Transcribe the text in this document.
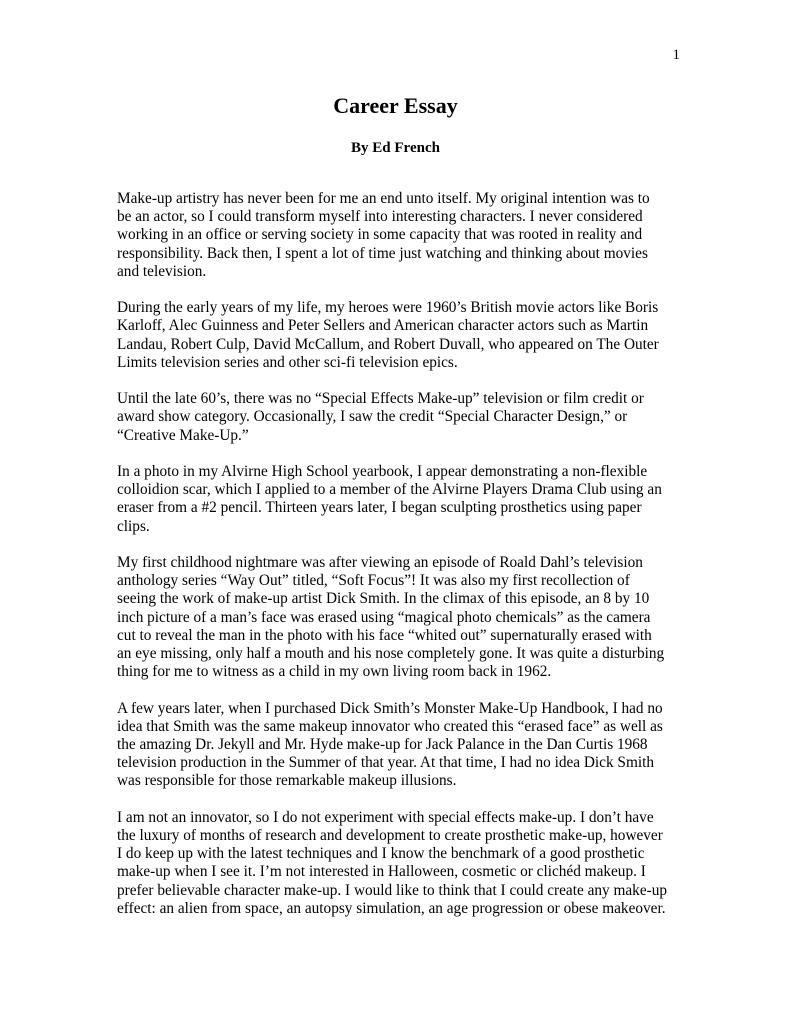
1
Career Essay
By Ed French

Make-up artistry has never been for me an end unto itself. My original intention was to
be an actor, so I could transform myself into interesting characters. I never considered
working in an office or serving society in some capacity that was rooted in reality and
responsibility. Back then, I spent a lot of time just watching and thinking about movies
and television.

During the early years of my life, my heroes were 1960’s British movie actors like Boris
Karloff, Alec Guinness and Peter Sellers and American character actors such as Martin
Landau, Robert Culp, David McCallum, and Robert Duvall, who appeared on The Outer
Limits television series and other sci-fi television epics.

Until the late 60’s, there was no “Special Effects Make-up” television or film credit or
award show category. Occasionally, I saw the credit “Special Character Design,” or
“Creative Make-Up.”

In a photo in my Alvirne High School yearbook, I appear demonstrating a non-flexible
colloidion scar, which I applied to a member of the Alvirne Players Drama Club using an
eraser from a #2 pencil. Thirteen years later, I began sculpting prosthetics using paper
clips.

My first childhood nightmare was after viewing an episode of Roald Dahl’s television
anthology series “Way Out” titled, “Soft Focus”! It was also my first recollection of
seeing the work of make-up artist Dick Smith. In the climax of this episode, an 8 by 10
inch picture of a man’s face was erased using “magical photo chemicals” as the camera
cut to reveal the man in the photo with his face “whited out” supernaturally erased with
an eye missing, only half a mouth and his nose completely gone. It was quite a disturbing
thing for me to witness as a child in my own living room back in 1962.

A few years later, when I purchased Dick Smith’s Monster Make-Up Handbook, I had no
idea that Smith was the same makeup innovator who created this “erased face” as well as
the amazing Dr. Jekyll and Mr. Hyde make-up for Jack Palance in the Dan Curtis 1968
television production in the Summer of that year. At that time, I had no idea Dick Smith
was responsible for those remarkable makeup illusions.

I am not an innovator, so I do not experiment with special effects make-up. I don’t have
the luxury of months of research and development to create prosthetic make-up, however
I do keep up with the latest techniques and I know the benchmark of a good prosthetic
make-up when I see it. I’m not interested in Halloween, cosmetic or clichéd makeup. I
prefer believable character make-up. I would like to think that I could create any make-up
effect: an alien from space, an autopsy simulation, an age progression or obese makeover.
